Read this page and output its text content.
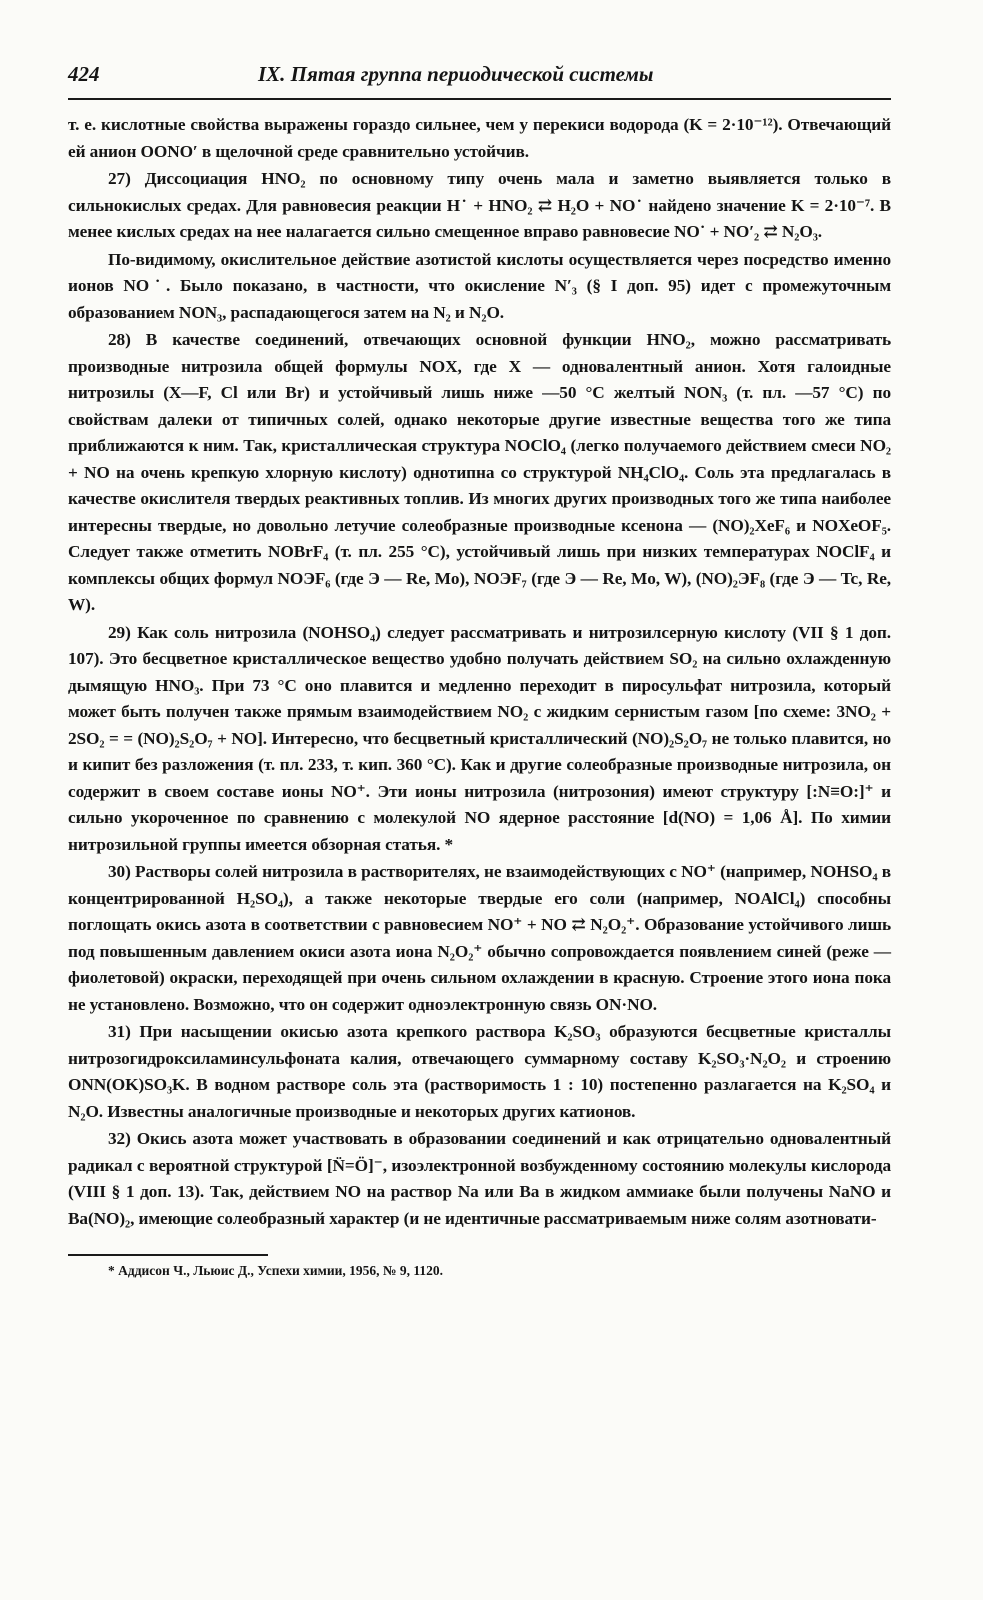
424	IX. Пятая группа периодической системы

т. е. кислотные свойства выражены гораздо сильнее, чем у перекиси водорода (K = 2·10⁻¹²). Отвечающий ей анион OONO′ в щелочной среде сравнительно устойчив.

27) Диссоциация HNO₂ по основному типу очень мала и заметно выявляется только в сильнокислых средах. Для равновесия реакции H˙ + HNO₂ ⇄ H₂O + NO˙ найдено значение K = 2·10⁻⁷. В менее кислых средах на нее налагается сильно смещенное вправо равновесие NO˙ + NO′₂ ⇄ N₂O₃.

По-видимому, окислительное действие азотистой кислоты осуществляется через посредство именно ионов NO˙. Было показано, в частности, что окисление N′₃ (§ I доп. 95) идет с промежуточным образованием NON₃, распадающегося затем на N₂ и N₂O.

28) В качестве соединений, отвечающих основной функции HNO₂, можно рассматривать производные нитрозила общей формулы NOX, где X — одновалентный анион. Хотя галоидные нитрозилы (X—F, Cl или Br) и устойчивый лишь ниже —50 °C желтый NON₃ (т. пл. —57 °C) по свойствам далеки от типичных солей, однако некоторые другие известные вещества того же типа приближаются к ним. Так, кристаллическая структура NOClO₄ (легко получаемого действием смеси NO₂ + NO на очень крепкую хлорную кислоту) однотипна со структурой NH₄ClO₄. Соль эта предлагалась в качестве окислителя твердых реактивных топлив. Из многих других производных того же типа наиболее интересны твердые, но довольно летучие солеобразные производные ксенона — (NO)₂XeF₆ и NOXeOF₅. Следует также отметить NOBrF₄ (т. пл. 255 °C), устойчивый лишь при низких температурах NOClF₄ и комплексы общих формул NOЭF₆ (где Э — Re, Mo), NOЭF₇ (где Э — Re, Mo, W), (NO)₂ЭF₈ (где Э — Tc, Re, W).

29) Как соль нитрозила (NOHSO₄) следует рассматривать и нитрозилсерную кислоту (VII § 1 доп. 107). Это бесцветное кристаллическое вещество удобно получать действием SO₂ на сильно охлажденную дымящую HNO₃. При 73 °C оно плавится и медленно переходит в пиросульфат нитрозила, который может быть получен также прямым взаимодействием NO₂ с жидким сернистым газом [по схеме: 3NO₂ + 2SO₂ = = (NO)₂S₂O₇ + NO]. Интересно, что бесцветный кристаллический (NO)₂S₂O₇ не только плавится, но и кипит без разложения (т. пл. 233, т. кип. 360 °C). Как и другие солеобразные производные нитрозила, он содержит в своем составе ионы NO⁺. Эти ионы нитрозила (нитрозония) имеют структуру [:N≡O:]⁺ и сильно укороченное по сравнению с молекулой NO ядерное расстояние [d(NO) = 1,06 Å]. По химии нитрозильной группы имеется обзорная статья. *

30) Растворы солей нитрозила в растворителях, не взаимодействующих с NO⁺ (например, NOHSO₄ в концентрированной H₂SO₄), а также некоторые твердые его соли (например, NOAlCl₄) способны поглощать окись азота в соответствии с равновесием NO⁺ + NO ⇄ N₂O₂⁺. Образование устойчивого лишь под повышенным давлением окиси азота иона N₂O₂⁺ обычно сопровождается появлением синей (реже — фиолетовой) окраски, переходящей при очень сильном охлаждении в красную. Строение этого иона пока не установлено. Возможно, что он содержит одноэлектронную связь ON·NO.

31) При насыщении окисью азота крепкого раствора K₂SO₃ образуются бесцветные кристаллы нитрозогидроксиламинсульфоната калия, отвечающего суммарному составу K₂SO₃·N₂O₂ и строению ONN(OK)SO₃K. В водном растворе соль эта (растворимость 1 : 10) постепенно разлагается на K₂SO₄ и N₂O. Известны аналогичные производные и некоторых других катионов.

32) Окись азота может участвовать в образовании соединений и как отрицательно одновалентный радикал с вероятной структурой [N̈=Ö]⁻, изоэлектронной возбужденному состоянию молекулы кислорода (VIII § 1 доп. 13). Так, действием NO на раствор Na или Ba в жидком аммиаке были получены NaNO и Ba(NO)₂, имеющие солеобразный характер (и не идентичные рассматриваемым ниже солям азотновати-

* Аддисон Ч., Льюис Д., Успехи химии, 1956, № 9, 1120.
